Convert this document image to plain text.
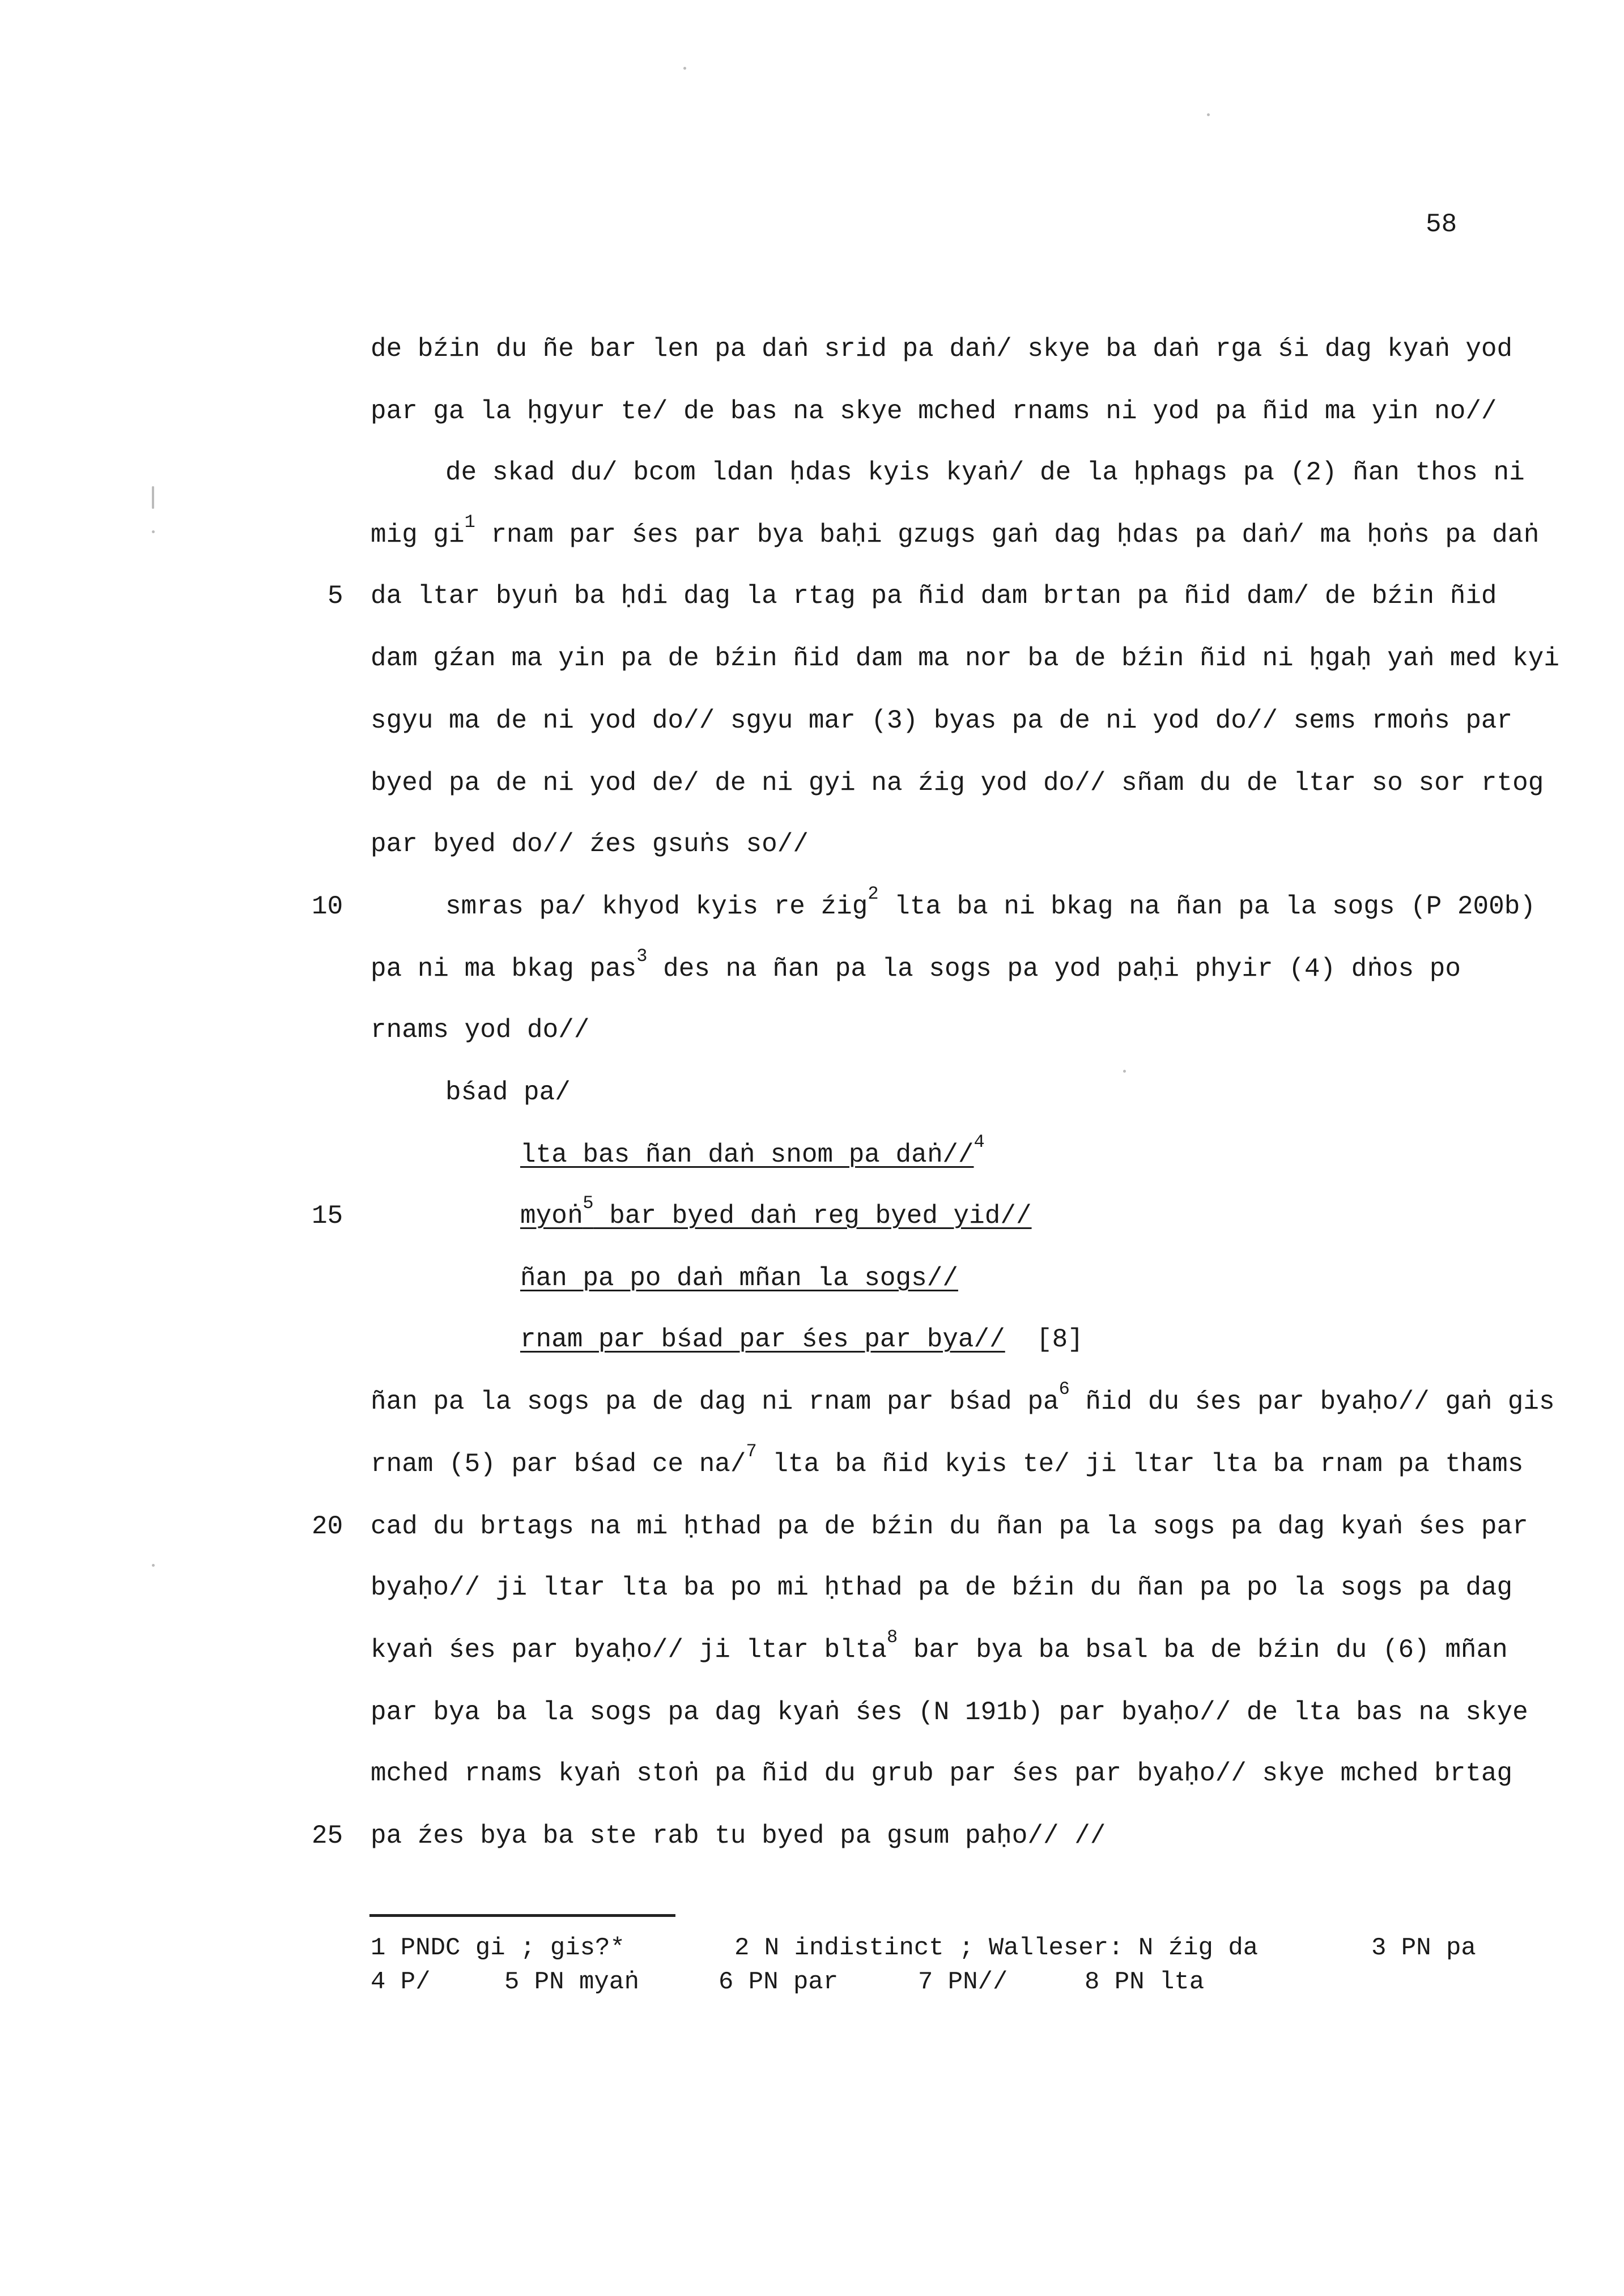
58
5
10
15
20
25
de bźin du ñe bar len pa daṅ srid pa daṅ/ skye ba daṅ rga śi dag kyaṅ yod
par ga la ḥgyur te/ de bas na skye mched rnams ni yod pa ñid ma yin no//
de skad du/ bcom ldan ḥdas kyis kyaṅ/ de la ḥphags pa (2) ñan thos ni
mig $gi^1$ rnam par śes par bya baḥi gzugs gaṅ dag ḥdas pa daṅ/ ma ḥoṅs pa daṅ
da ltar byuṅ ba ḥdi dag la rtag pa ñid dam brtan pa ñid dam/ de bźin ñid
dam gźan ma yin pa de bźin ñid dam ma nor ba de bźin ñid ni ḥgaḥ yaṅ med kyi
sgyu ma de ni yod do// sgyu mar (3) byas pa de ni yod do// sems rmoṅs par
byed pa de ni yod de/ de ni gyi na źig yod do// sñam du de ltar so sor rtog
par byed do// źes gsuṅs so//
smras pa/ khyod kyis re źig$^2$ lta ba ni bkag na ñan pa la sogs (P 200b)
pa ni ma bkag pas$^3$ des na ñan pa la sogs pa yod paḥi phyir (4) dṅos po
rnams yod do//
bśad pa/
lta bas ñan daṅ snom pa daṅ//$^4$
myoṅ$^5$ bar byed daṅ reg byed yid//
ñan pa po daṅ mñan la sogs//
rnam par bśad par śes par bya// [8]
ñan pa la sogs pa de dag ni rnam par bśad $pa^6$ ñid du śes par byaḥo// gaṅ gis
rnam (5) par bśad ce na/$^7$ lta ba ñid kyis te/ ji ltar lta ba rnam pa thams
cad du brtags na mi ḥthad pa de bźin du ñan pa la sogs pa dag kyaṅ śes par
byaḥo// ji ltar lta ba po mi ḥthad pa de bźin du ñan pa po la sogs pa dag
kyaṅ śes par byaḥo// ji ltar blta$^8$ bar bya ba bsal ba de bźin du (6) mñan
par bya ba la sogs pa dag kyaṅ śes (N 191b) par byaḥo// de lta bas na skye
mched rnams kyaṅ stoṅ pa ñid du grub par śes par byaḥo// skye mched brtag
pa źes bya ba ste rab tu byed pa gsum paḥo// //
1 PNDC gi ; gis?*	2 N indistinct ; Walleser: N źig da	3 PN pa
4 P/	5 PN myaṅ	6 PN par	7 PN//	8 PN lta
